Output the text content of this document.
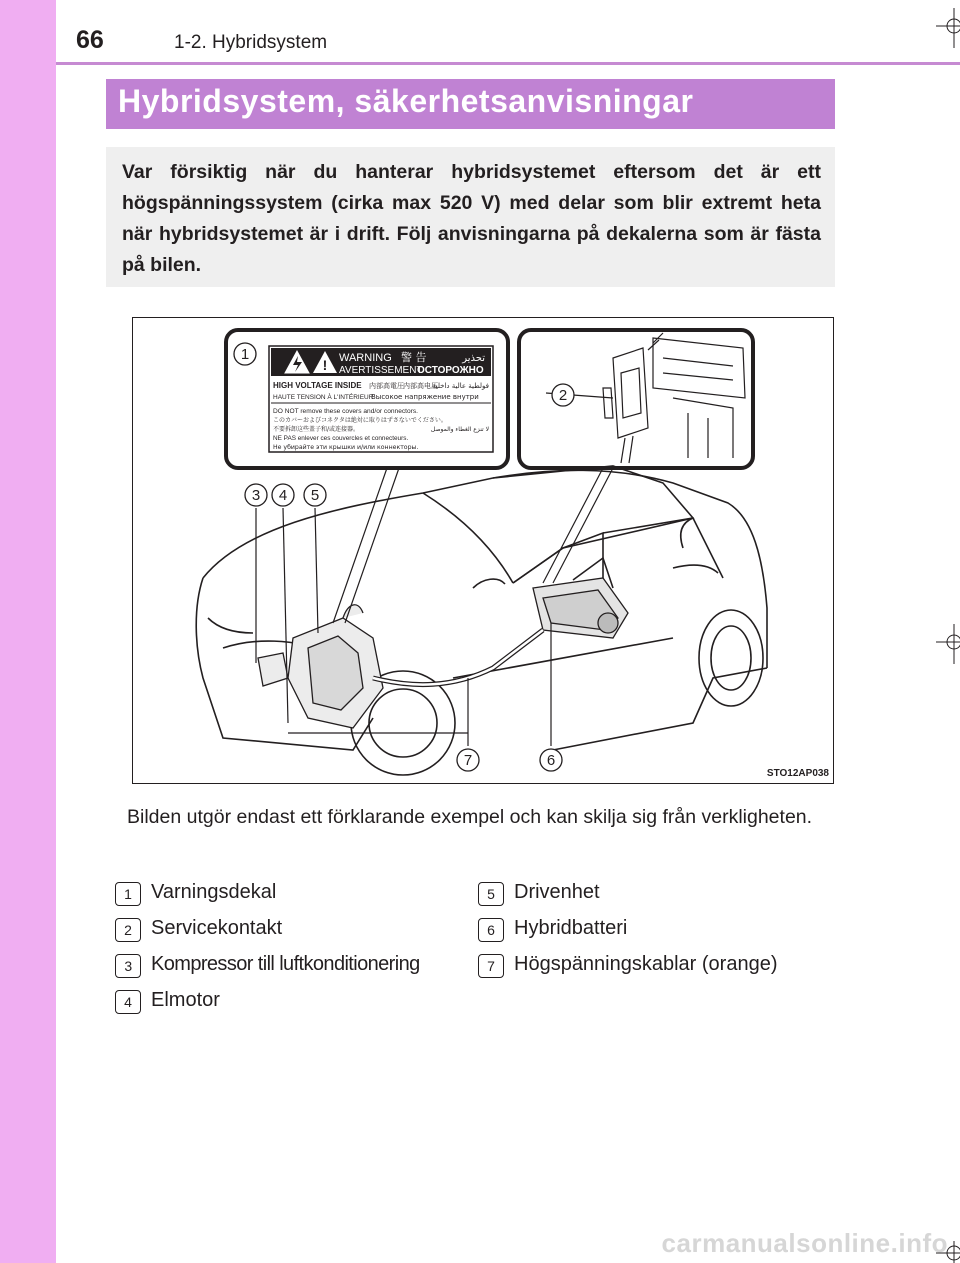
66	1-2. Hybridsystem
Hybridsystem, säkerhetsanvisningar

Var försiktig när du hanterar hybridsystemet eftersom det är ett högspänningssystem (cirka max 520 V) med delar som blir extremt heta när hybridsystemet är i drift. Följ anvisningarna på dekalerna som är fästa på bilen.

! WARNING 警 告	تحذير
AVERTISSEMENT
ОСТОРОЖНО
HIGH VOLTAGE INSIDE 内部高電圧 内部高电压
فولطية عالية داخلية
HAUTE TENSION À L'INTÉRIEUR
Высокое напряжение внутри
DO NOT remove these covers and/or connectors.
このカバーおよびコネクタは絶対に取りはずさないでください。
不要拆卸这些盖子和/或连接器。	لا تنزع الغطاء والموصل
NE PAS enlever ces couvercles et connecteurs.
Не убирайте эти крышки и/или коннекторы.
1
2
3 4 5
6
7
STO12AP038

Bilden utgör endast ett förklarande exempel och kan skilja sig från verkligheten.

1 Varningsdekal
2 Servicekontakt
3 Kompressor till luftkonditionering
4 Elmotor
5 Drivenhet
6 Hybridbatteri
7 Högspänningskablar (orange)
carmanualsonline.info
